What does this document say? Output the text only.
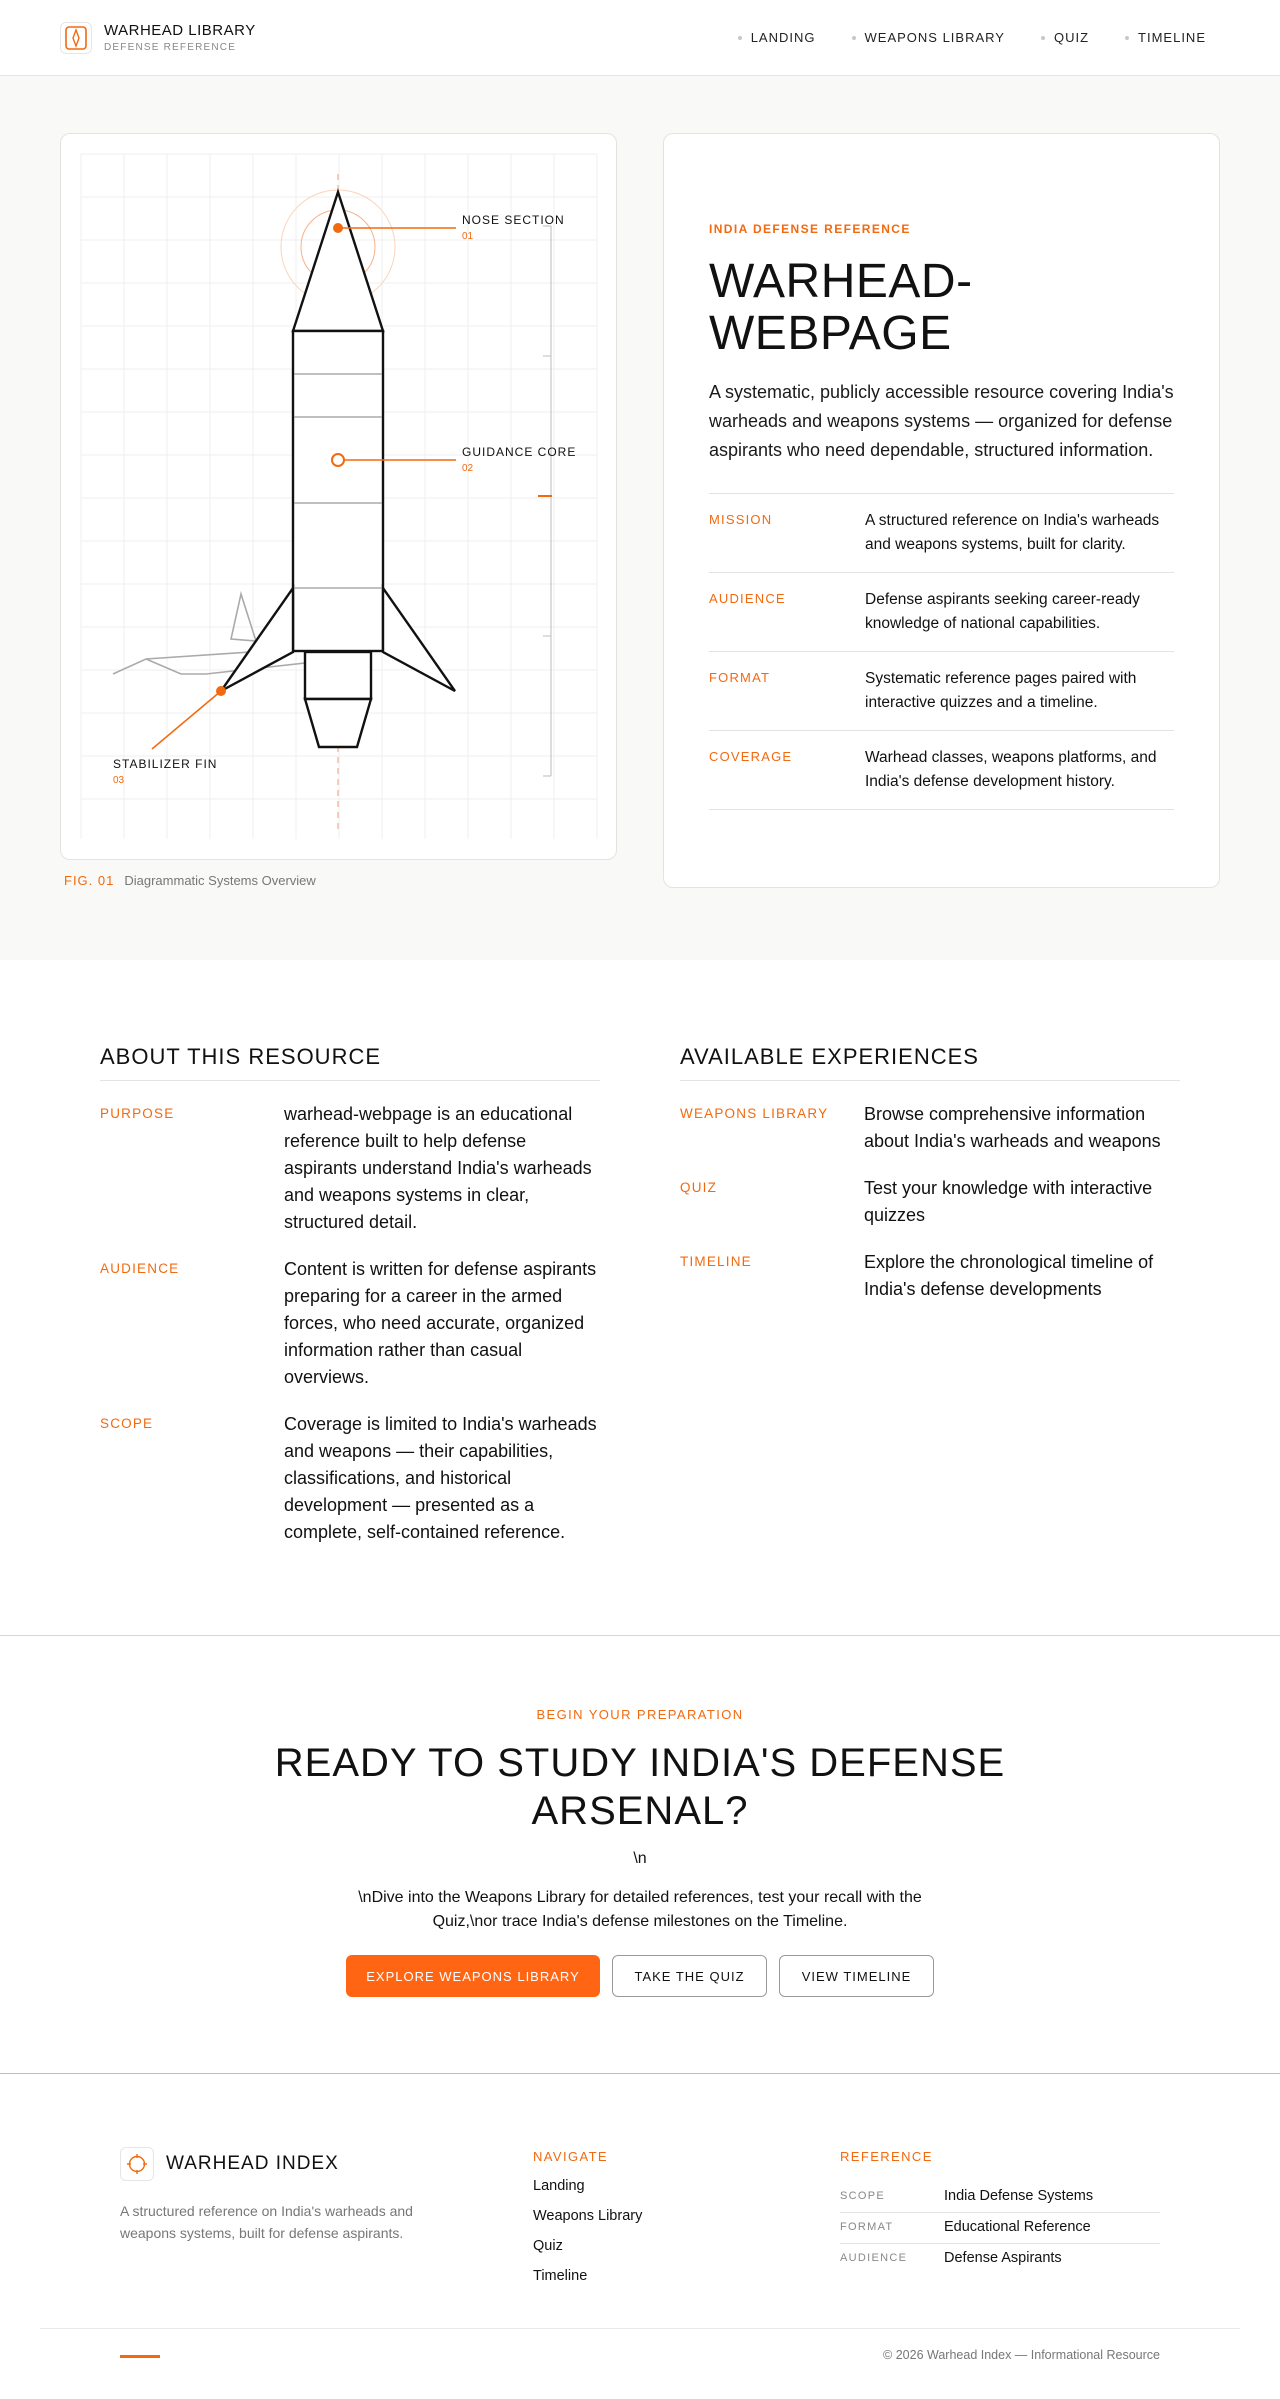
WARHEAD LIBRARY
DEFENSE REFERENCE
LANDING	WEAPONS LIBRARY	QUIZ	TIMELINE
NOSE SECTION
01
GUIDANCE CORE
02
STABILIZER FIN
03
FIG. 01 Diagrammatic Systems Overview
INDIA DEFENSE REFERENCE
WARHEAD-WEBPAGE

A systematic, publicly accessible resource covering India's warheads and weapons systems — organized for defense aspirants who need dependable, structured information.

MISSION	A structured reference on India's warheads and weapons systems, built for clarity.
AUDIENCE	Defense aspirants seeking career-ready knowledge of national capabilities.
FORMAT	Systematic reference pages paired with interactive quizzes and a timeline.
COVERAGE	Warhead classes, weapons platforms, and India's defense development history.
ABOUT THIS RESOURCE
PURPOSE	warhead-webpage is an educational reference built to help defense aspirants understand India's warheads and weapons systems in clear, structured detail.
AUDIENCE	Content is written for defense aspirants preparing for a career in the armed forces, who need accurate, organized information rather than casual overviews.
SCOPE	Coverage is limited to India's warheads and weapons — their capabilities, classifications, and historical development — presented as a complete, self-contained reference.
AVAILABLE EXPERIENCES
WEAPONS LIBRARY	Browse comprehensive information about India's warheads and weapons
QUIZ	Test your knowledge with interactive quizzes
TIMELINE	Explore the chronological timeline of India's defense developments
BEGIN YOUR PREPARATION
READY TO STUDY INDIA'S DEFENSE ARSENAL?
\n

\nDive into the Weapons Library for detailed references, test your recall with the Quiz,\nor trace India's defense milestones on the Timeline.

EXPLORE WEAPONS LIBRARY	TAKE THE QUIZ	VIEW TIMELINE
WARHEAD INDEX

A structured reference on India's warheads and weapons systems, built for defense aspirants.

NAVIGATE
Landing
Weapons Library
Quiz
Timeline
REFERENCE
SCOPE	India Defense Systems
FORMAT	Educational Reference
AUDIENCE	Defense Aspirants
© 2026 Warhead Index — Informational Resource
